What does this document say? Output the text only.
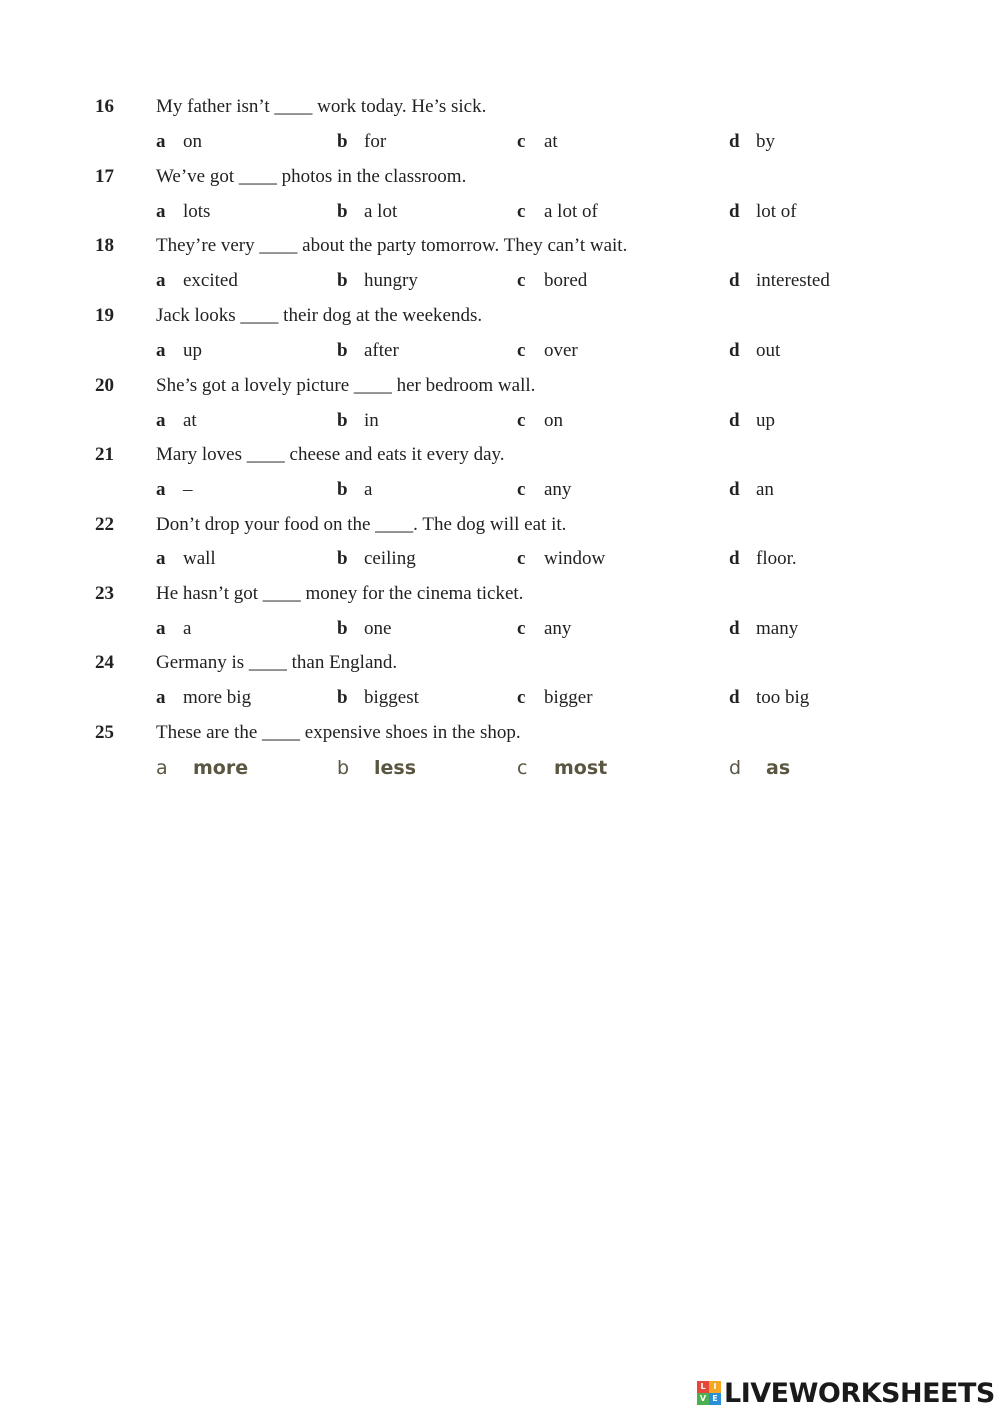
16 My father isn’t ____ work today. He’s sick.
a on	b for	c at	d by
17 We’ve got ____ photos in the classroom.
a lots	b a lot	c a lot of	d lot of
18 They’re very ____ about the party tomorrow. They can’t wait.
a excited	b hungry	c bored	d interested
19 Jack looks ____ their dog at the weekends.
a up	b after	c over	d out
20 She’s got a lovely picture ____ her bedroom wall.
a at	b in	c on	d up
21 Mary loves ____ cheese and eats it every day.
a –	b a	c any	d an
22 Don’t drop your food on the ____. The dog will eat it.
a wall	b ceiling	c window	d floor.
23 He hasn’t got ____ money for the cinema ticket.
a a	b one	c any	d many
24 Germany is ____ than England.
a more big	b biggest	c bigger	d too big
25 These are the ____ expensive shoes in the shop.
a more	b less	c most	d as
L I
V E LIVEWORKSHEETS
